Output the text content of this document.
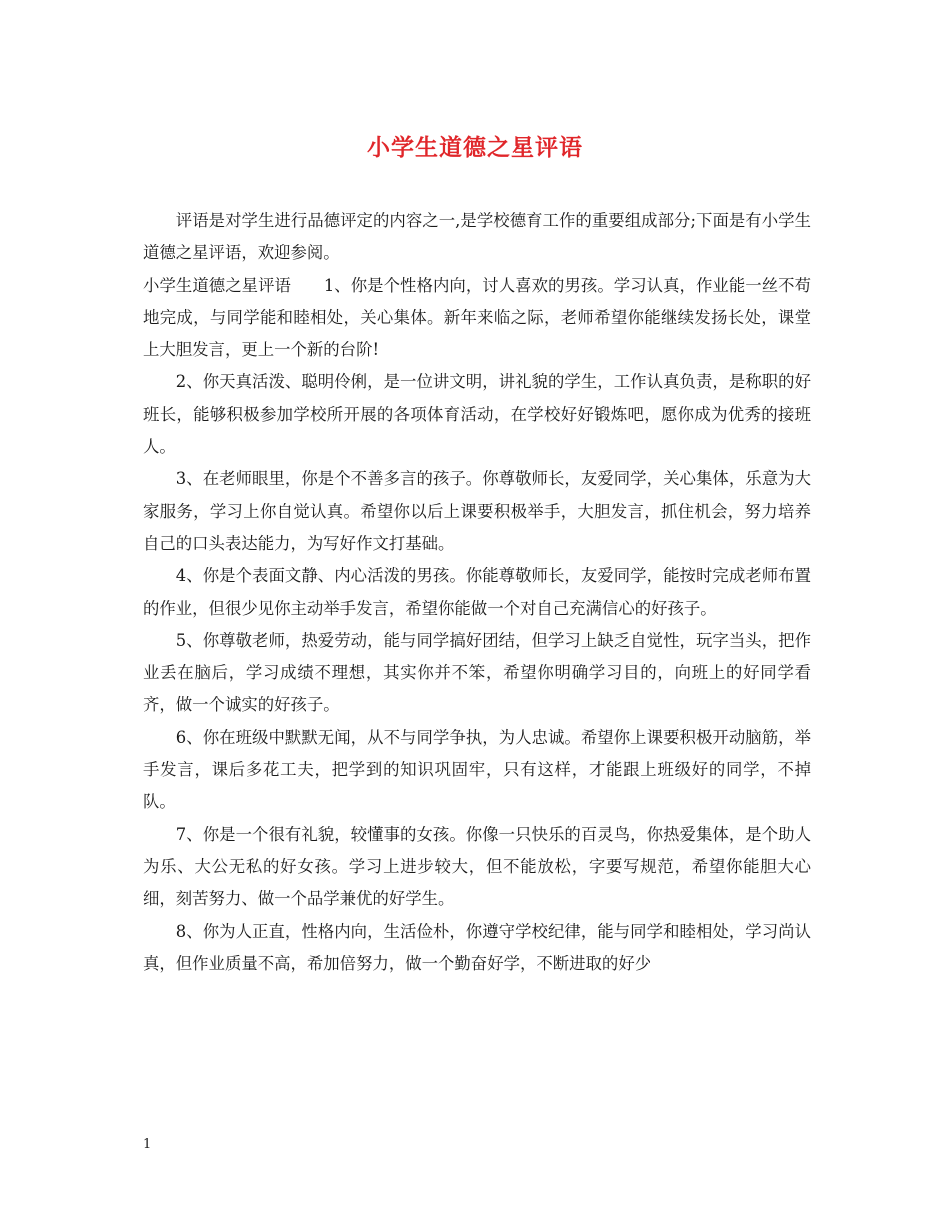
小学生道德之星评语

评语是对学生进行品德评定的内容之一,是学校德育工作的重要组成部分;下面是有小学生道德之星评语，欢迎参阅。

小学生道德之星评语　　1、你是个性格内向，讨人喜欢的男孩。学习认真，作业能一丝不苟地完成，与同学能和睦相处，关心集体。新年来临之际，老师希望你能继续发扬长处，课堂上大胆发言，更上一个新的台阶!

2、你天真活泼、聪明伶俐，是一位讲文明，讲礼貌的学生，工作认真负责，是称职的好班长，能够积极参加学校所开展的各项体育活动，在学校好好锻炼吧，愿你成为优秀的接班人。

3、在老师眼里，你是个不善多言的孩子。你尊敬师长，友爱同学，关心集体，乐意为大家服务，学习上你自觉认真。希望你以后上课要积极举手，大胆发言，抓住机会，努力培养自己的口头表达能力，为写好作文打基础。

4、你是个表面文静、内心活泼的男孩。你能尊敬师长，友爱同学，能按时完成老师布置的作业，但很少见你主动举手发言，希望你能做一个对自己充满信心的好孩子。

5、你尊敬老师，热爱劳动，能与同学搞好团结，但学习上缺乏自觉性，玩字当头，把作业丢在脑后，学习成绩不理想，其实你并不笨，希望你明确学习目的，向班上的好同学看齐，做一个诚实的好孩子。

6、你在班级中默默无闻，从不与同学争执，为人忠诚。希望你上课要积极开动脑筋，举手发言，课后多花工夫，把学到的知识巩固牢，只有这样，才能跟上班级好的同学，不掉队。

7、你是一个很有礼貌，较懂事的女孩。你像一只快乐的百灵鸟，你热爱集体，是个助人为乐、大公无私的好女孩。学习上进步较大，但不能放松，字要写规范，希望你能胆大心细，刻苦努力、做一个品学兼优的好学生。

8、你为人正直，性格内向，生活俭朴，你遵守学校纪律，能与同学和睦相处，学习尚认真，但作业质量不高，希加倍努力，做一个勤奋好学，不断进取的好少

1
